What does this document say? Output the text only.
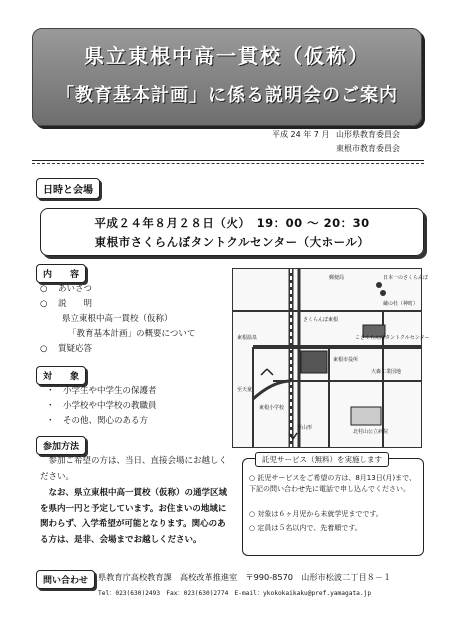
県立東根中高一貫校（仮称）
「教育基本計画」に係る説明会のご案内
平成 24 年 7 月 山形県教育委員会
東根市教育委員会
日時と会場
平成２４年８月２８日（火）　19：00 ～ 20：30
東根市さくらんぼタントクルセンター（大ホール）
内　　容
○ あいさつ
○ 説　　明
県立東根中高一貫校（仮称）
「教育基本計画」の概要について
○ 質疑応答
対　　象
・　小学生や中学生の保護者
・　小学校や中学校の教職員
・　その他、関心のある方
参加方法
参加ご希望の方は、当日、直接会場にお越しください。
なお、県立東根中高一貫校（仮称）の通学区域を県内一円と予定しています。お住まいの地域に関わらず、入学希望が可能となります。関心のある方は、是非、会場までお越しください。
郵便局	日本一のさくらんぼ
蔵の杜（神町）
さくらんぼ東根
東根市役所
大森工業団地
こさくらんぼタントクルセンター
東根温泉
北村山公立病院
東根小学校
至天童
至山形
託児サービス（無料）を実施します
○ 託児サービスをご希望の方は、8月13日(月)まで、下記の問い合わせ先に電話で申し込んでください。
○ 対象は６ヶ月児から未就学児までです。
○ 定員は５名以内で、先着順です。
問い合わせ	県教育庁高校教育課　高校改革推進室　〒990-8570　山形市松波二丁目８－１
Tel：023(630)2493　Fax：023(630)2774　E-mail：ykokokaikaku@pref.yamagata.jp
